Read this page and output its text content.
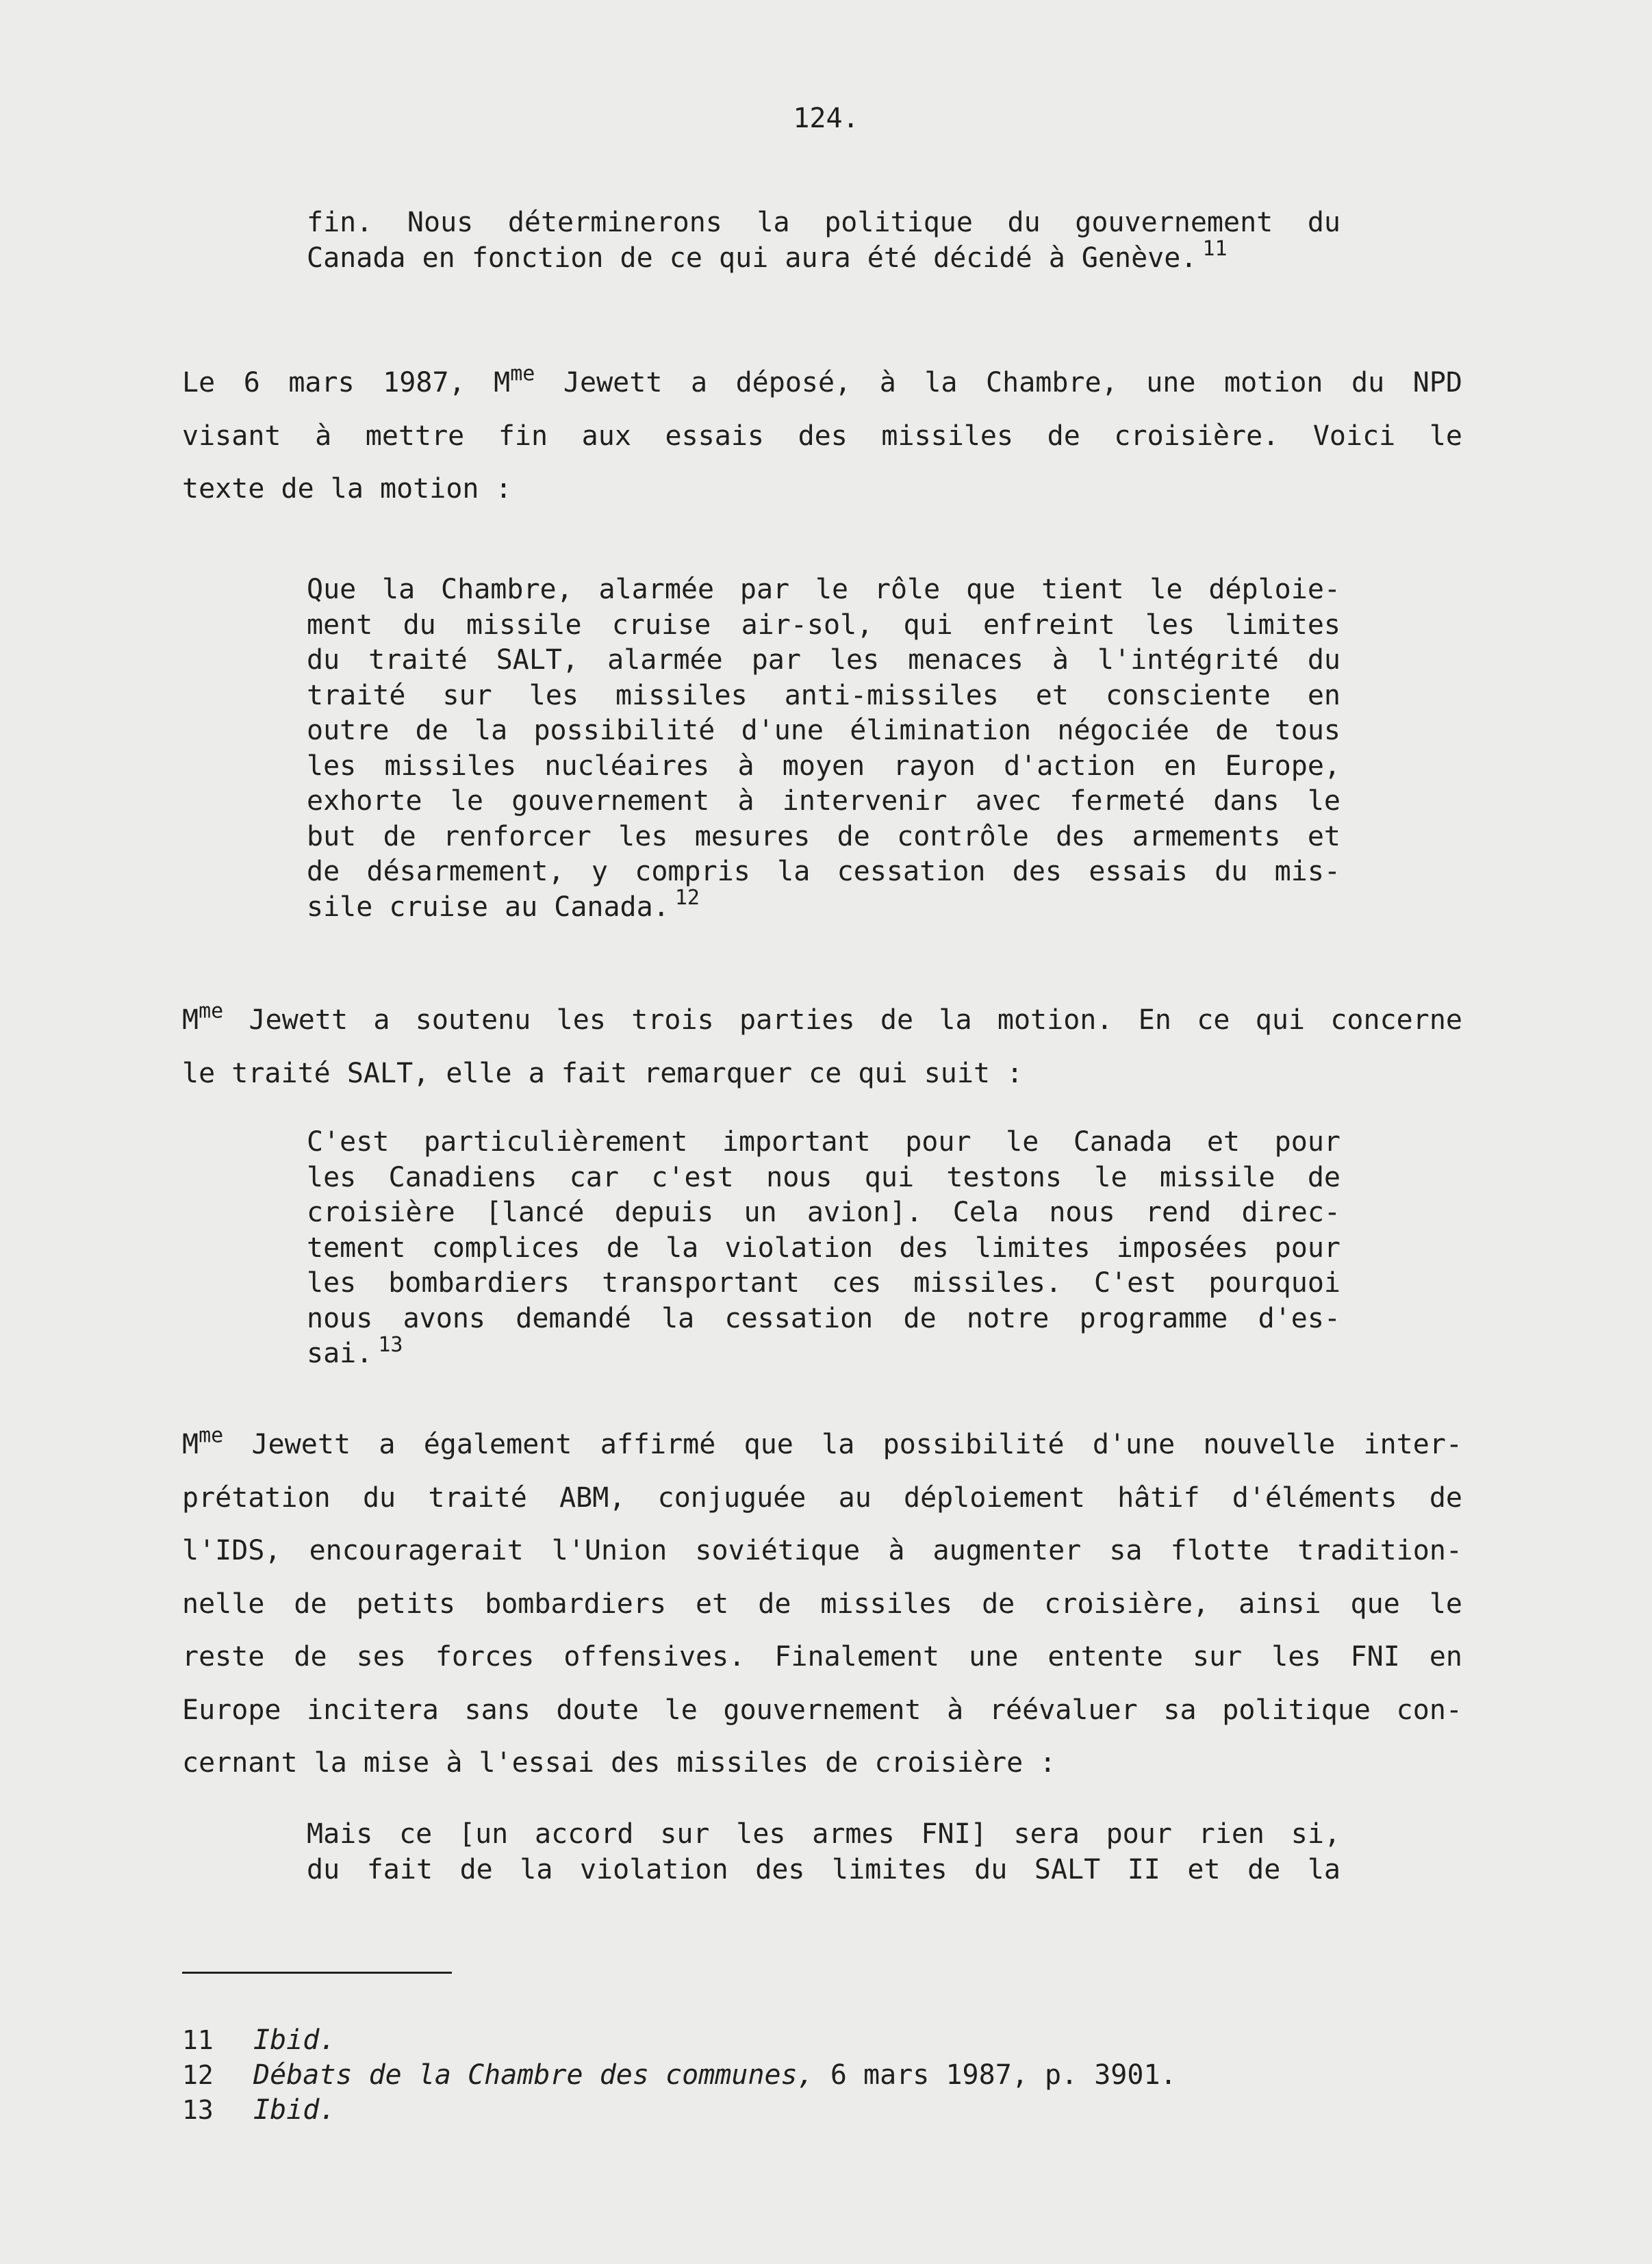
124.
fin. Nous déterminerons la politique du gouvernement du
Canada en fonction de ce qui aura été décidé à Genève. $^{11}$
Le 6 mars 1987, $M^{me}$ Jewett a déposé, à la Chambre, une motion du NPD
visant à mettre fin aux essais des missiles de croisière. Voici le
texte de la motion :
Que la Chambre, alarmée par le rôle que tient le déploie-
ment du missile cruise air-sol, qui enfreint les limites
du traité SALT, alarmée par les menaces à l'intégrité du
traité sur les missiles anti-missiles et consciente en
outre de la possibilité d'une élimination négociée de tous
les missiles nucléaires à moyen rayon d'action en Europe,
exhorte le gouvernement à intervenir avec fermeté dans le
but de renforcer les mesures de contrôle des armements et
de désarmement, y compris la cessation des essais du mis-
sile cruise au Canada. $^{12}$
$M^{me}$ Jewett a soutenu les trois parties de la motion. En ce qui concerne
le traité SALT, elle a fait remarquer ce qui suit :
C'est particulièrement important pour le Canada et pour
les Canadiens car c'est nous qui testons le missile de
croisière [lancé depuis un avion]. Cela nous rend direc-
tement complices de la violation des limites imposées pour
les bombardiers transportant ces missiles. C'est pourquoi
nous avons demandé la cessation de notre programme d'es-
sai. $^{13}$
$M^{me}$ Jewett a également affirmé que la possibilité d'une nouvelle inter-
prétation du traité ABM, conjuguée au déploiement hâtif d'éléments de
l'IDS, encouragerait l'Union soviétique à augmenter sa flotte tradition-
nelle de petits bombardiers et de missiles de croisière, ainsi que le
reste de ses forces offensives. Finalement une entente sur les FNI en
Europe incitera sans doute le gouvernement à réévaluer sa politique con-
cernant la mise à l'essai des missiles de croisière :
Mais ce [un accord sur les armes FNI] sera pour rien si,
du fait de la violation des limites du SALT II et de la
11 Ibid.
12 Débats de la Chambre des communes, 6 mars 1987, p. 3901.
13 Ibid.
